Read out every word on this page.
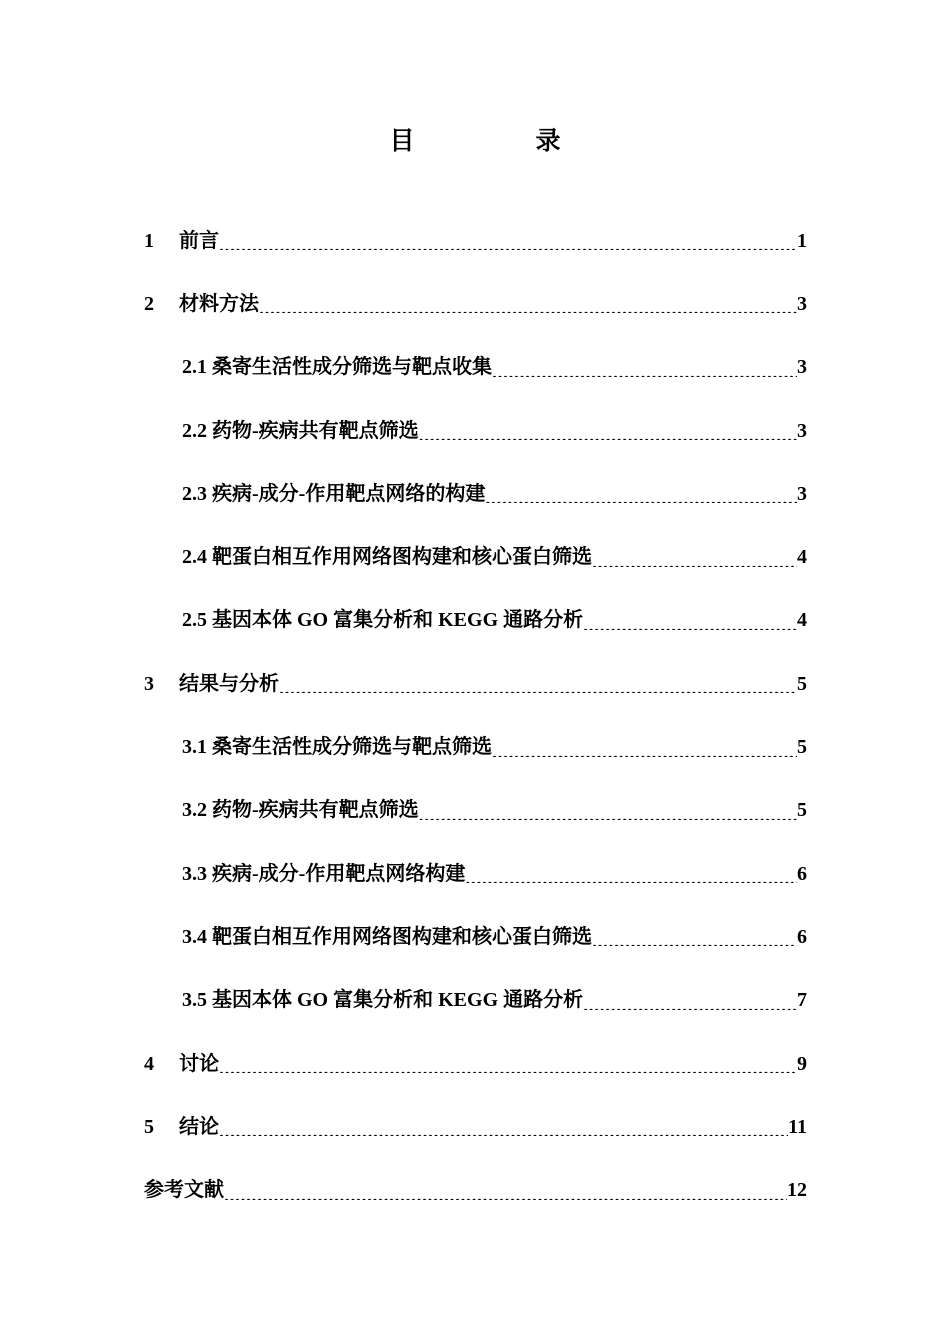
目　录
1  前言 .....	1
2  材料方法 .....	3
2.1 桑寄生活性成分筛选与靶点收集 .....	3
2.2 药物-疾病共有靶点筛选 .....	3
2.3 疾病-成分-作用靶点网络的构建 .....	3
2.4 靶蛋白相互作用网络图构建和核心蛋白筛选 .....	4
2.5 基因本体 GO 富集分析和 KEGG 通路分析 .....	4
3  结果与分析 .....	5
3.1 桑寄生活性成分筛选与靶点筛选 .....	5
3.2 药物-疾病共有靶点筛选 .....	5
3.3 疾病-成分-作用靶点网络构建 .....	6
3.4 靶蛋白相互作用网络图构建和核心蛋白筛选 .....	6
3.5 基因本体 GO 富集分析和 KEGG 通路分析 .....	7
4  讨论 .....	9
5  结论 .....	11
参考文献 .....	12
